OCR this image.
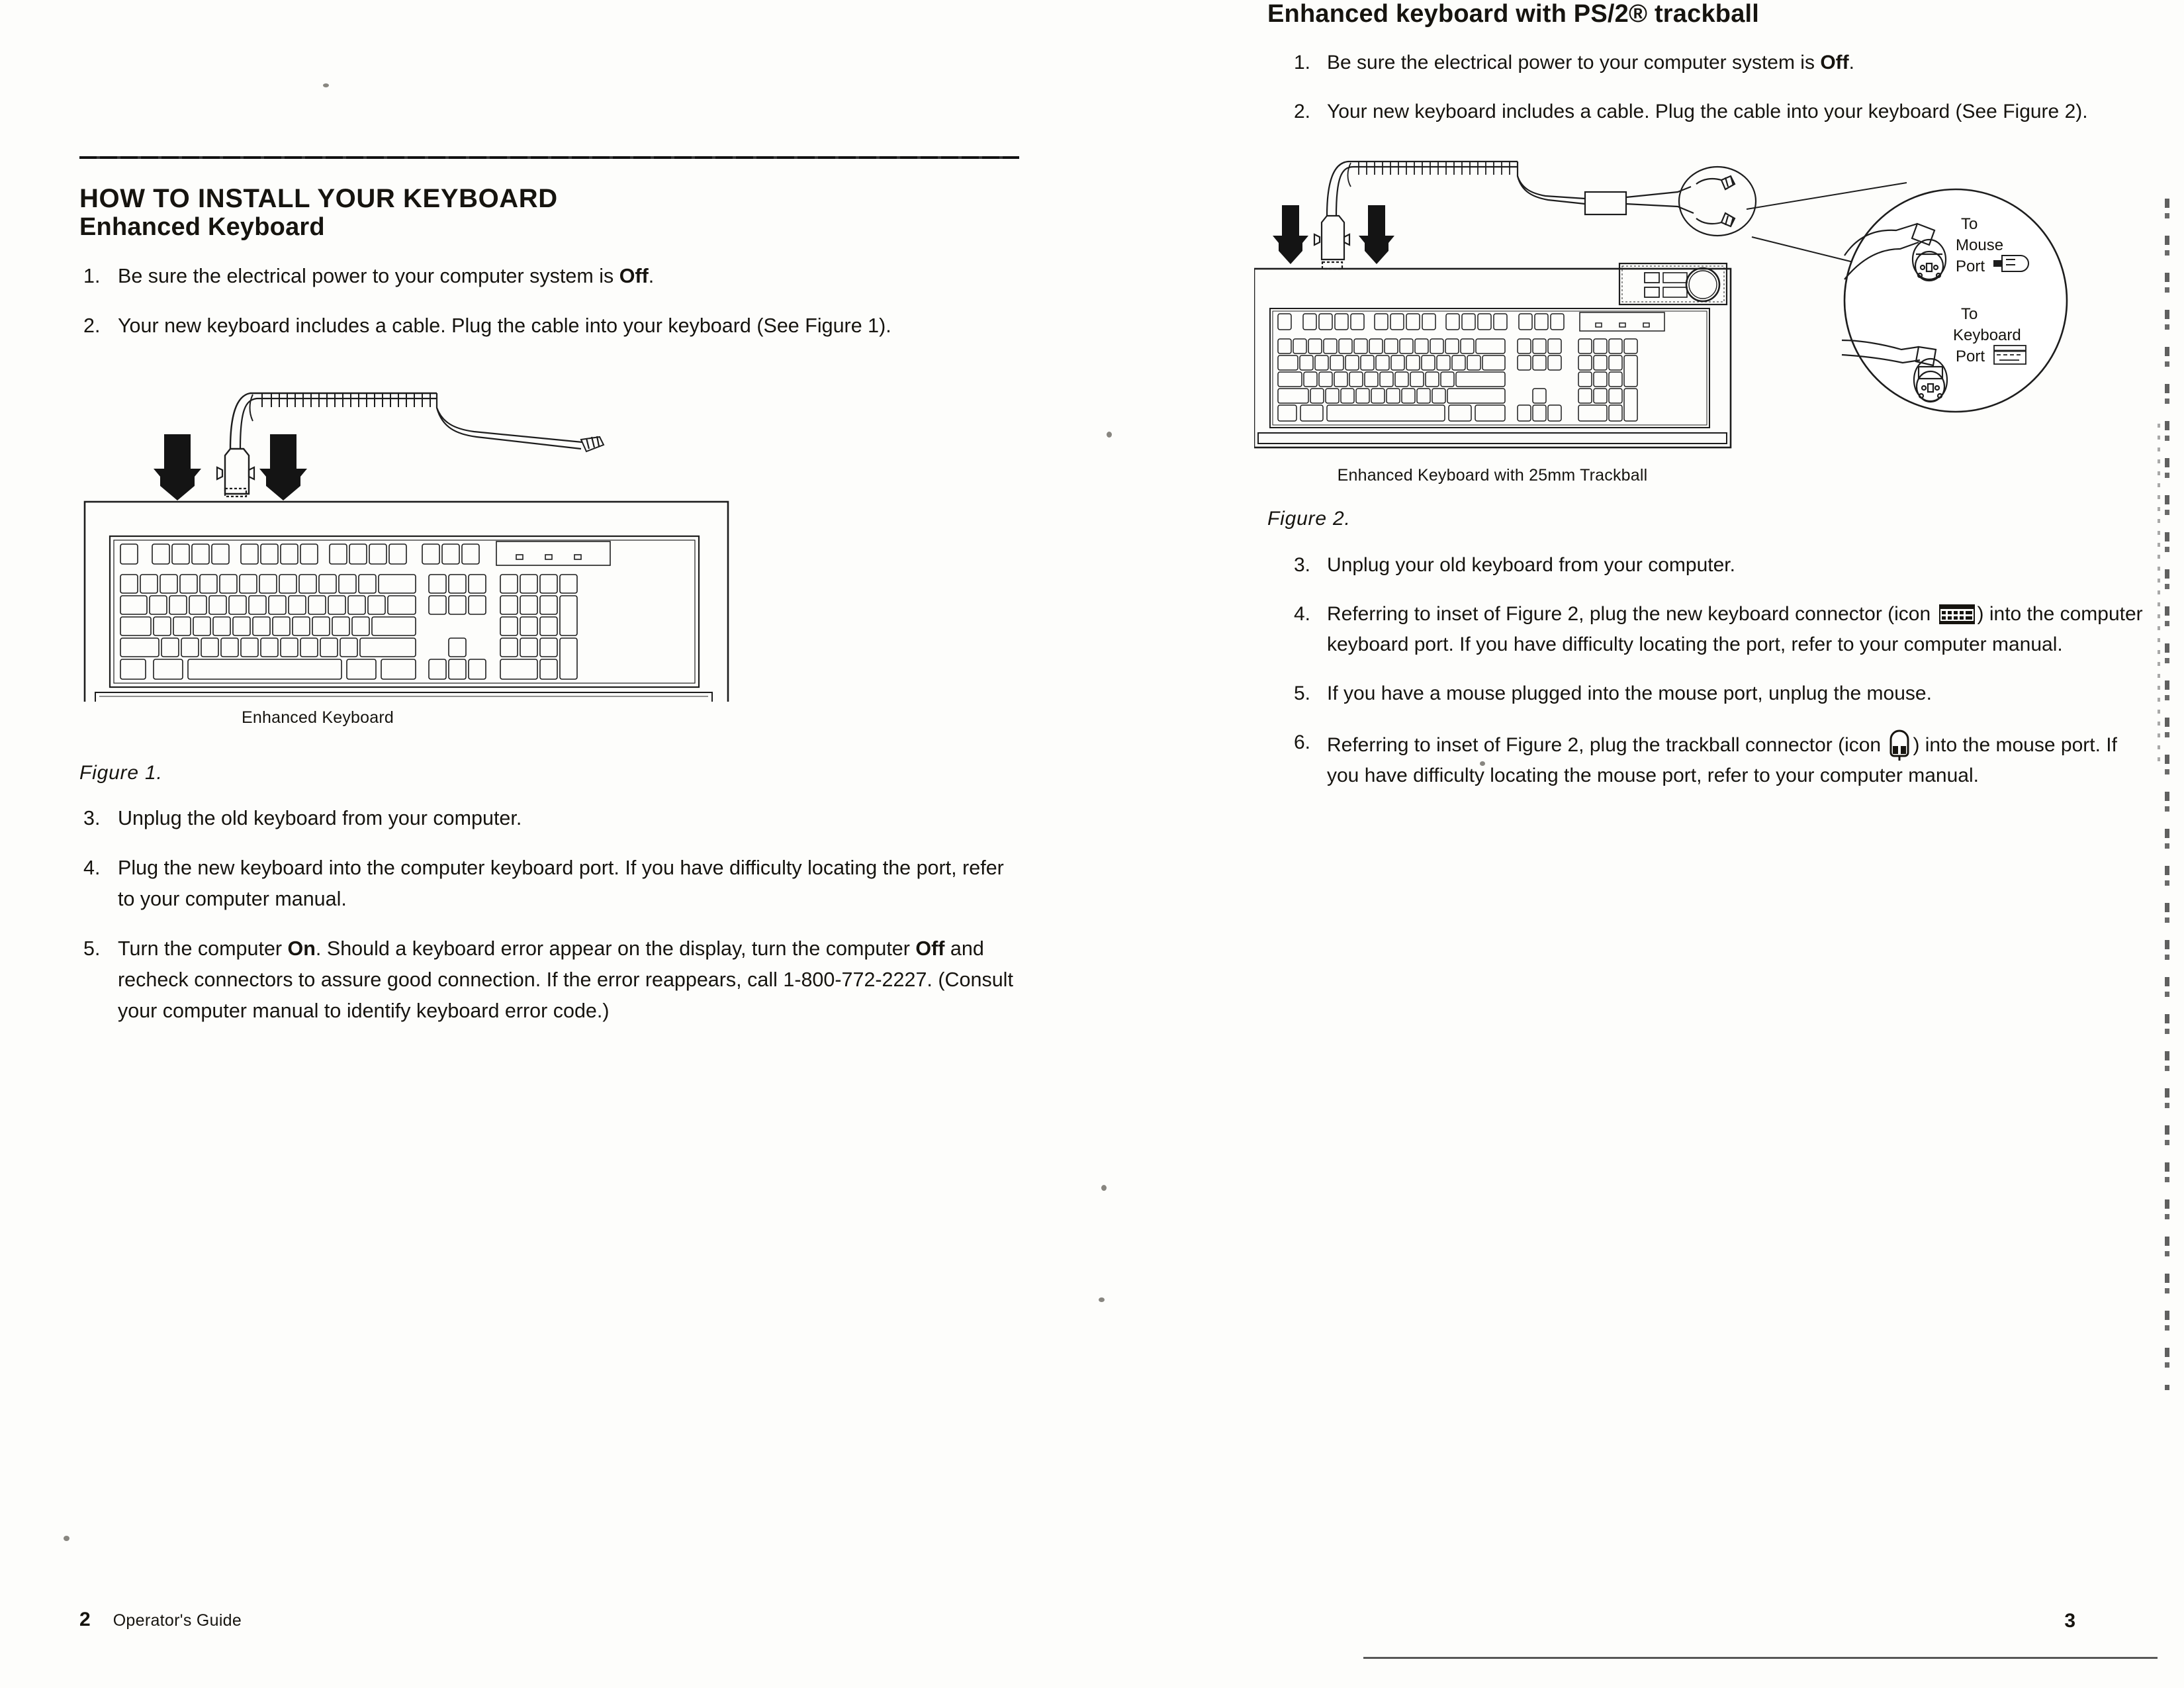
HOW TO INSTALL YOUR KEYBOARD
Enhanced Keyboard
1. Be sure the electrical power to your computer system is Off.
2. Your new keyboard includes a cable. Plug the cable into your keyboard (See Figure 1).
Enhanced Keyboard
Figure 1.
3. Unplug the old keyboard from your computer.
4. Plug the new keyboard into the computer keyboard port. If you have difficulty locating the port, refer to your computer manual.
5. Turn the computer On. Should a keyboard error appear on the display, turn the computer Off and recheck connectors to assure good connection. If the error reappears, call 1-800-772-2227. (Consult your computer manual to identify keyboard error code.)
Enhanced keyboard with PS/2® trackball
1. Be sure the electrical power to your computer system is Off.
2. Your new keyboard includes a cable. Plug the cable into your keyboard (See Figure 2).
To
Mouse
Port
To
Keyboard
Port
Enhanced Keyboard with 25mm Trackball
Figure 2.
3. Unplug your old keyboard from your computer.
4. Referring to inset of Figure 2, plug the new keyboard connector (icon ) into the computer keyboard port. If you have difficulty locating the port, refer to your computer manual.
5. If you have a mouse plugged into the mouse port, unplug the mouse.
6. Referring to inset of Figure 2, plug the trackball connector (icon ) into the mouse port. If you have difficulty locating the mouse port, refer to your computer manual.
2 Operator's Guide	3
